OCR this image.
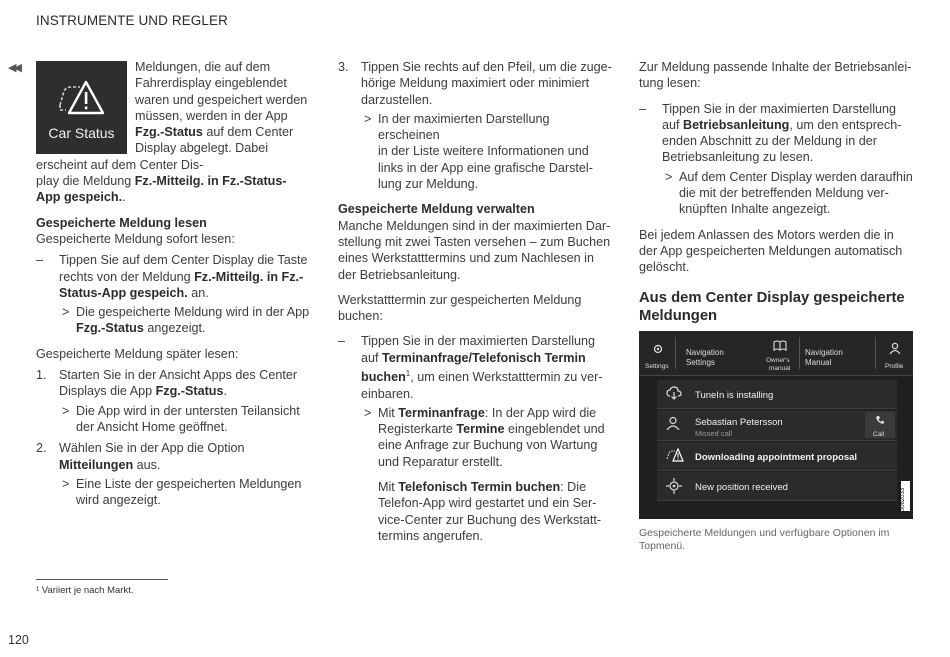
INSTRUMENTE UND REGLER
◀◀
Car Status

Meldungen, die auf dem
Fahrerdisplay eingeblendet
waren und gespeichert werden
müssen, werden in der App
Fzg.-Status auf dem Center
Display abgelegt. Dabei
erscheint auf dem Center Dis-
play die Meldung Fz.-Mitteilg. in Fz.-Status-
App gespeich..

Gespeicherte Meldung lesen

Gespeicherte Meldung sofort lesen:

– Tippen Sie auf dem Center Display die Taste
rechts von der Meldung Fz.-Mitteilg. in Fz.-
Status-App gespeich. an.
> Die gespeicherte Meldung wird in der App
Fzg.-Status angezeigt.

Gespeicherte Meldung später lesen:

1. Starten Sie in der Ansicht Apps des Center
Displays die App Fzg.-Status.
> Die App wird in der untersten Teilansicht
der Ansicht Home geöffnet.
2. Wählen Sie in der App die Option
Mitteilungen aus.
> Eine Liste der gespeicherten Meldungen
wird angezeigt.
3. Tippen Sie rechts auf den Pfeil, um die zuge-
hörige Meldung maximiert oder minimiert
darzustellen.
> In der maximierten Darstellung erscheinen
in der Liste weitere Informationen und
links in der App eine grafische Darstel-
lung zur Meldung.

Gespeicherte Meldung verwalten

Manche Meldungen sind in der maximierten Dar-
stellung mit zwei Tasten versehen – zum Buchen
eines Werkstatttermins und zum Nachlesen in
der Betriebsanleitung.

Werkstatttermin zur gespeicherten Meldung
buchen:

– Tippen Sie in der maximierten Darstellung
auf Terminanfrage/Telefonisch Termin
buchen$^1$, um einen Werkstatttermin zu ver-
einbaren.
> Mit Terminanfrage: In der App wird die
Registerkarte Termine eingeblendet und
eine Anfrage zur Buchung von Wartung
und Reparatur erstellt.
Mit Telefonisch Termin buchen: Die
Telefon-App wird gestartet und ein Ser-
vice-Center zur Buchung des Werkstatt-
termins angerufen.

Zur Meldung passende Inhalte der Betriebsanlei-
tung lesen:

– Tippen Sie in der maximierten Darstellung
auf Betriebsanleitung, um den entsprech-
enden Abschnitt zu der Meldung in der
Betriebsanleitung zu lesen.
> Auf dem Center Display werden daraufhin
die mit der betreffenden Meldung ver-
knüpften Inhalte angezeigt.

Bei jedem Anlassen des Motors werden die in
der App gespeicherten Meldungen automatisch
gelöscht.

Aus dem Center Display gespeicherte
Meldungen
Settings
Navigation
Settings	Owner's
manual
Navigation
Manual	Profile
TuneIn is installing
Sebastian Petersson
Missed call	Call
Downloading appointment proposal
New position received
G062033
Gespeicherte Meldungen und verfügbare Optionen im
Topmenü.
¹ Variiert je nach Markt.
120
